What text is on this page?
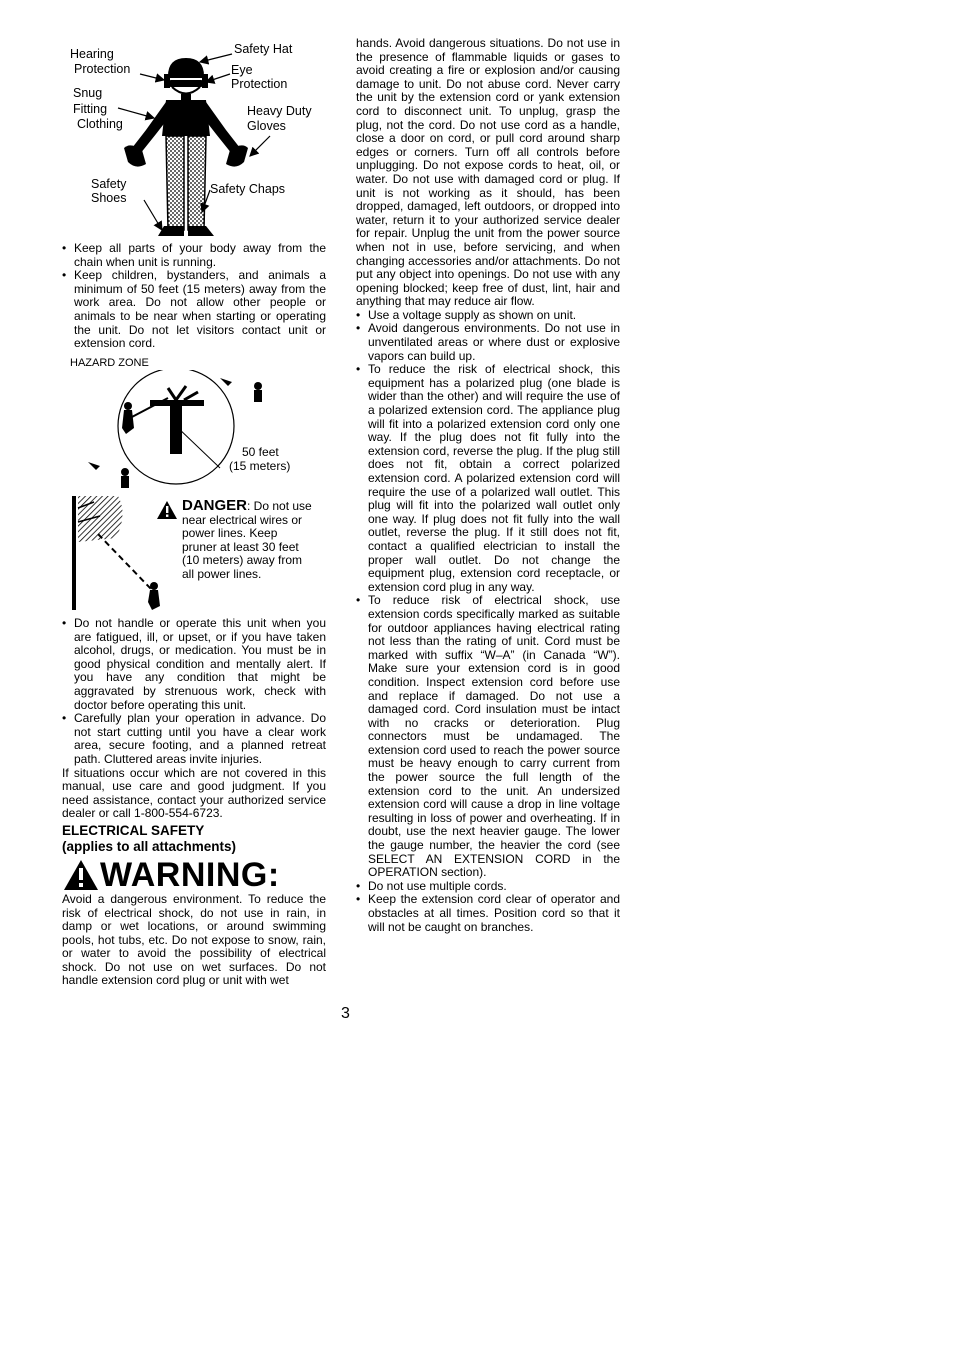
Hearing
Protection
Safety Hat
Eye
Protection
Snug
Fitting
Clothing
Heavy Duty
Gloves
Safety
Shoes
Safety Chaps
• Keep all parts of your body away from the chain when unit is running.
• Keep children, bystanders, and animals a minimum of 50 feet (15 meters) away from the work area. Do not allow other people or animals to be near when starting or operating the unit. Do not let visitors contact unit or extension cord.
HAZARD ZONE
50 feet
(15 meters)
DANGER: Do not use near electrical wires or power lines. Keep pruner at least 30 feet (10 meters) away from all power lines.
• Do not handle or operate this unit when you are fatigued, ill, or upset, or if you have taken alcohol, drugs, or medication. You must be in good physical condition and mentally alert. If you have any condition that might be aggravated by strenuous work, check with doctor before operating this unit.
• Carefully plan your operation in advance. Do not start cutting until you have a clear work area, secure footing, and a planned retreat path. Cluttered areas invite injuries.

If situations occur which are not covered in this manual, use care and good judgment. If you need assistance, contact your authorized service dealer or call 1-800-554-6723.

ELECTRICAL SAFETY
(applies to all attachments)
WARNING:

Avoid a dangerous environment. To reduce the risk of electrical shock, do not use in rain, in damp or wet locations, or around swimming pools, hot tubs, etc. Do not expose to snow, rain, or water to avoid the possibility of electrical shock. Do not use on wet surfaces. Do not handle extension cord plug or unit with wet

hands. Avoid dangerous situations. Do not use in the presence of flammable liquids or gases to avoid creating a fire or explosion and/or causing damage to unit. Do not abuse cord. Never carry the unit by the extension cord or yank extension cord to disconnect unit. To unplug, grasp the plug, not the cord. Do not use cord as a handle, close a door on cord, or pull cord around sharp edges or corners. Turn off all controls before unplugging. Do not expose cords to heat, oil, or water. Do not use with damaged cord or plug. If unit is not working as it should, has been dropped, damaged, left outdoors, or dropped into water, return it to your authorized service dealer for repair. Unplug the unit from the power source when not in use, before servicing, and when changing accessories and/or attachments. Do not put any object into openings. Do not use with any opening blocked; keep free of dust, lint, hair and anything that may reduce air flow.

• Use a voltage supply as shown on unit.
• Avoid dangerous environments. Do not use in unventilated areas or where dust or explosive vapors can build up.
• To reduce the risk of electrical shock, this equipment has a polarized plug (one blade is wider than the other) and will require the use of a polarized extension cord. The appliance plug will fit into a polarized extension cord only one way. If the plug does not fit fully into the extension cord, reverse the plug. If the plug still does not fit, obtain a correct polarized extension cord. A polarized extension cord will require the use of a polarized wall outlet. This plug will fit into the polarized wall outlet only one way. If plug does not fit fully into the wall outlet, reverse the plug. If it still does not fit, contact a qualified electrician to install the proper wall outlet. Do not change the equipment plug, extension cord receptacle, or extension cord plug in any way.
• To reduce risk of electrical shock, use extension cords specifically marked as suitable for outdoor appliances having electrical rating not less than the rating of unit. Cord must be marked with suffix “W–A” (in Canada “W”). Make sure your extension cord is in good condition. Inspect extension cord before use and replace if damaged. Do not use a damaged cord. Cord insulation must be intact with no cracks or deterioration. Plug connectors must be undamaged. The extension cord used to reach the power source must be heavy enough to carry current from the power source the full length of the extension cord to the unit. An undersized extension cord will cause a drop in line voltage resulting in loss of power and overheating. If in doubt, use the next heavier gauge. The lower the gauge number, the heavier the cord (see SELECT AN EXTENSION CORD in the OPERATION section).
• Do not use multiple cords.
• Keep the extension cord clear of operator and obstacles at all times. Position cord so that it will not be caught on branches.
3
